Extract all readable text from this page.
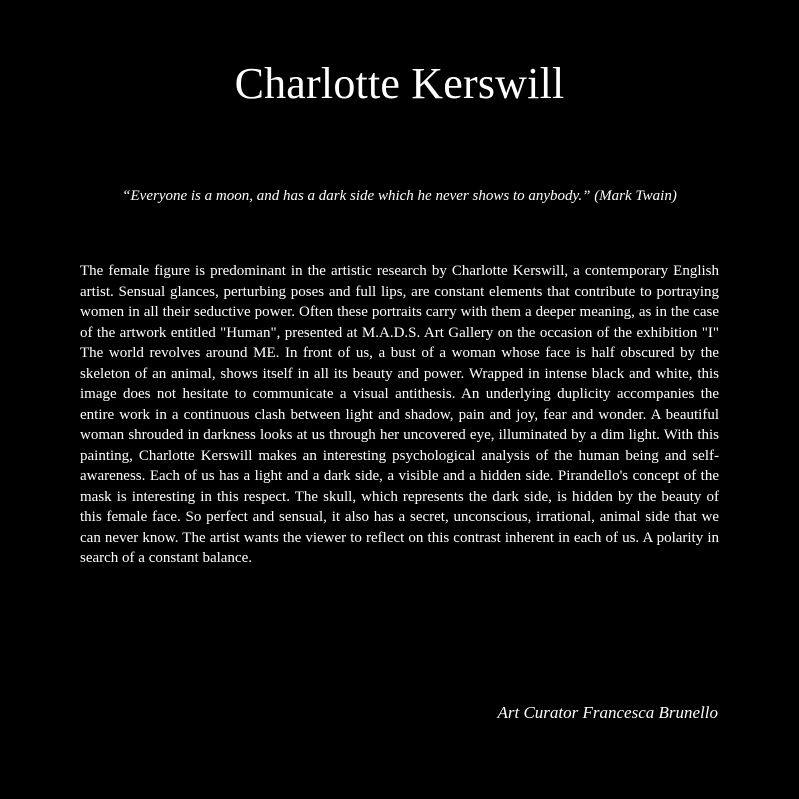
Charlotte Kerswill

“Everyone is a moon, and has a dark side which he never shows to anybody.” (Mark Twain)

The female figure is predominant in the artistic research by Charlotte Kerswill, a contemporary English artist. Sensual glances, perturbing poses and full lips, are constant elements that contribute to portraying women in all their seductive power. Often these portraits carry with them a deeper meaning, as in the case of the artwork entitled "Human", presented at M.A.D.S. Art Gallery on the occasion of the exhibition "I" The world revolves around ME. In front of us, a bust of a woman whose face is half obscured by the skeleton of an animal, shows itself in all its beauty and power. Wrapped in intense black and white, this image does not hesitate to communicate a visual antithesis. An underlying duplicity accompanies the entire work in a continuous clash between light and shadow, pain and joy, fear and wonder. A beautiful woman shrouded in darkness looks at us through her uncovered eye, illuminated by a dim light. With this painting, Charlotte Kerswill makes an interesting psychological analysis of the human being and self-awareness. Each of us has a light and a dark side, a visible and a hidden side. Pirandello's concept of the mask is interesting in this respect. The skull, which represents the dark side, is hidden by the beauty of this female face. So perfect and sensual, it also has a secret, unconscious, irrational, animal side that we can never know. The artist wants the viewer to reflect on this contrast inherent in each of us. A polarity in search of a constant balance.

Art Curator Francesca Brunello
